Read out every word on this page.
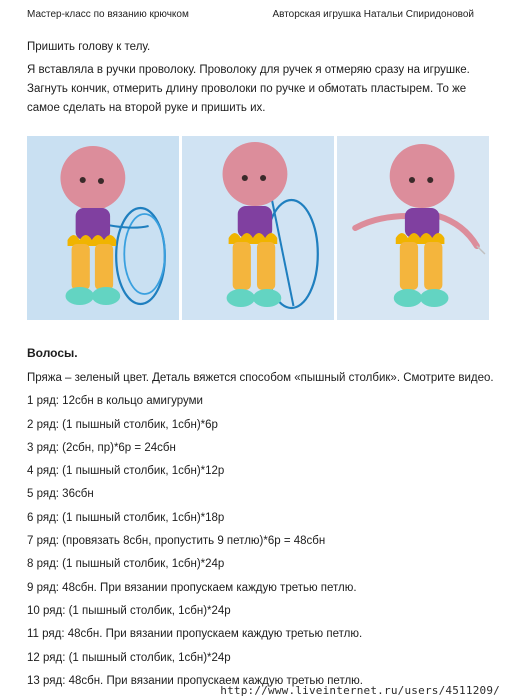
Мастер-класс по вязанию крючком	Авторская игрушка Натальи Спиридоновой

Пришить голову к телу.

Я вставляла в ручки проволоку. Проволоку для ручек я отмеряю сразу на игрушке. Загнуть кончик, отмерить длину проволоки по ручке и обмотать пластырем. То же самое сделать на второй руке и пришить их.

Волосы.
Пряжа – зеленый цвет. Деталь вяжется способом «пышный столбик». Смотрите видео.
1 ряд: 12сбн в кольцо амигуруми
2 ряд: (1 пышный столбик, 1сбн)*6р
3 ряд: (2сбн, пр)*6р = 24сбн
4 ряд: (1 пышный столбик, 1сбн)*12р
5 ряд: 36сбн
6 ряд: (1 пышный столбик, 1сбн)*18р
7 ряд: (провязать 8сбн, пропустить 9 петлю)*6р = 48сбн
8 ряд: (1 пышный столбик, 1сбн)*24р
9 ряд: 48сбн. При вязании пропускаем каждую третью петлю.
10 ряд: (1 пышный столбик, 1сбн)*24р
11 ряд: 48сбн. При вязании пропускаем каждую третью петлю.
12 ряд: (1 пышный столбик, 1сбн)*24р
13 ряд: 48сбн. При вязании пропускаем каждую третью петлю.
http://www.liveinternet.ru/users/4511209/
